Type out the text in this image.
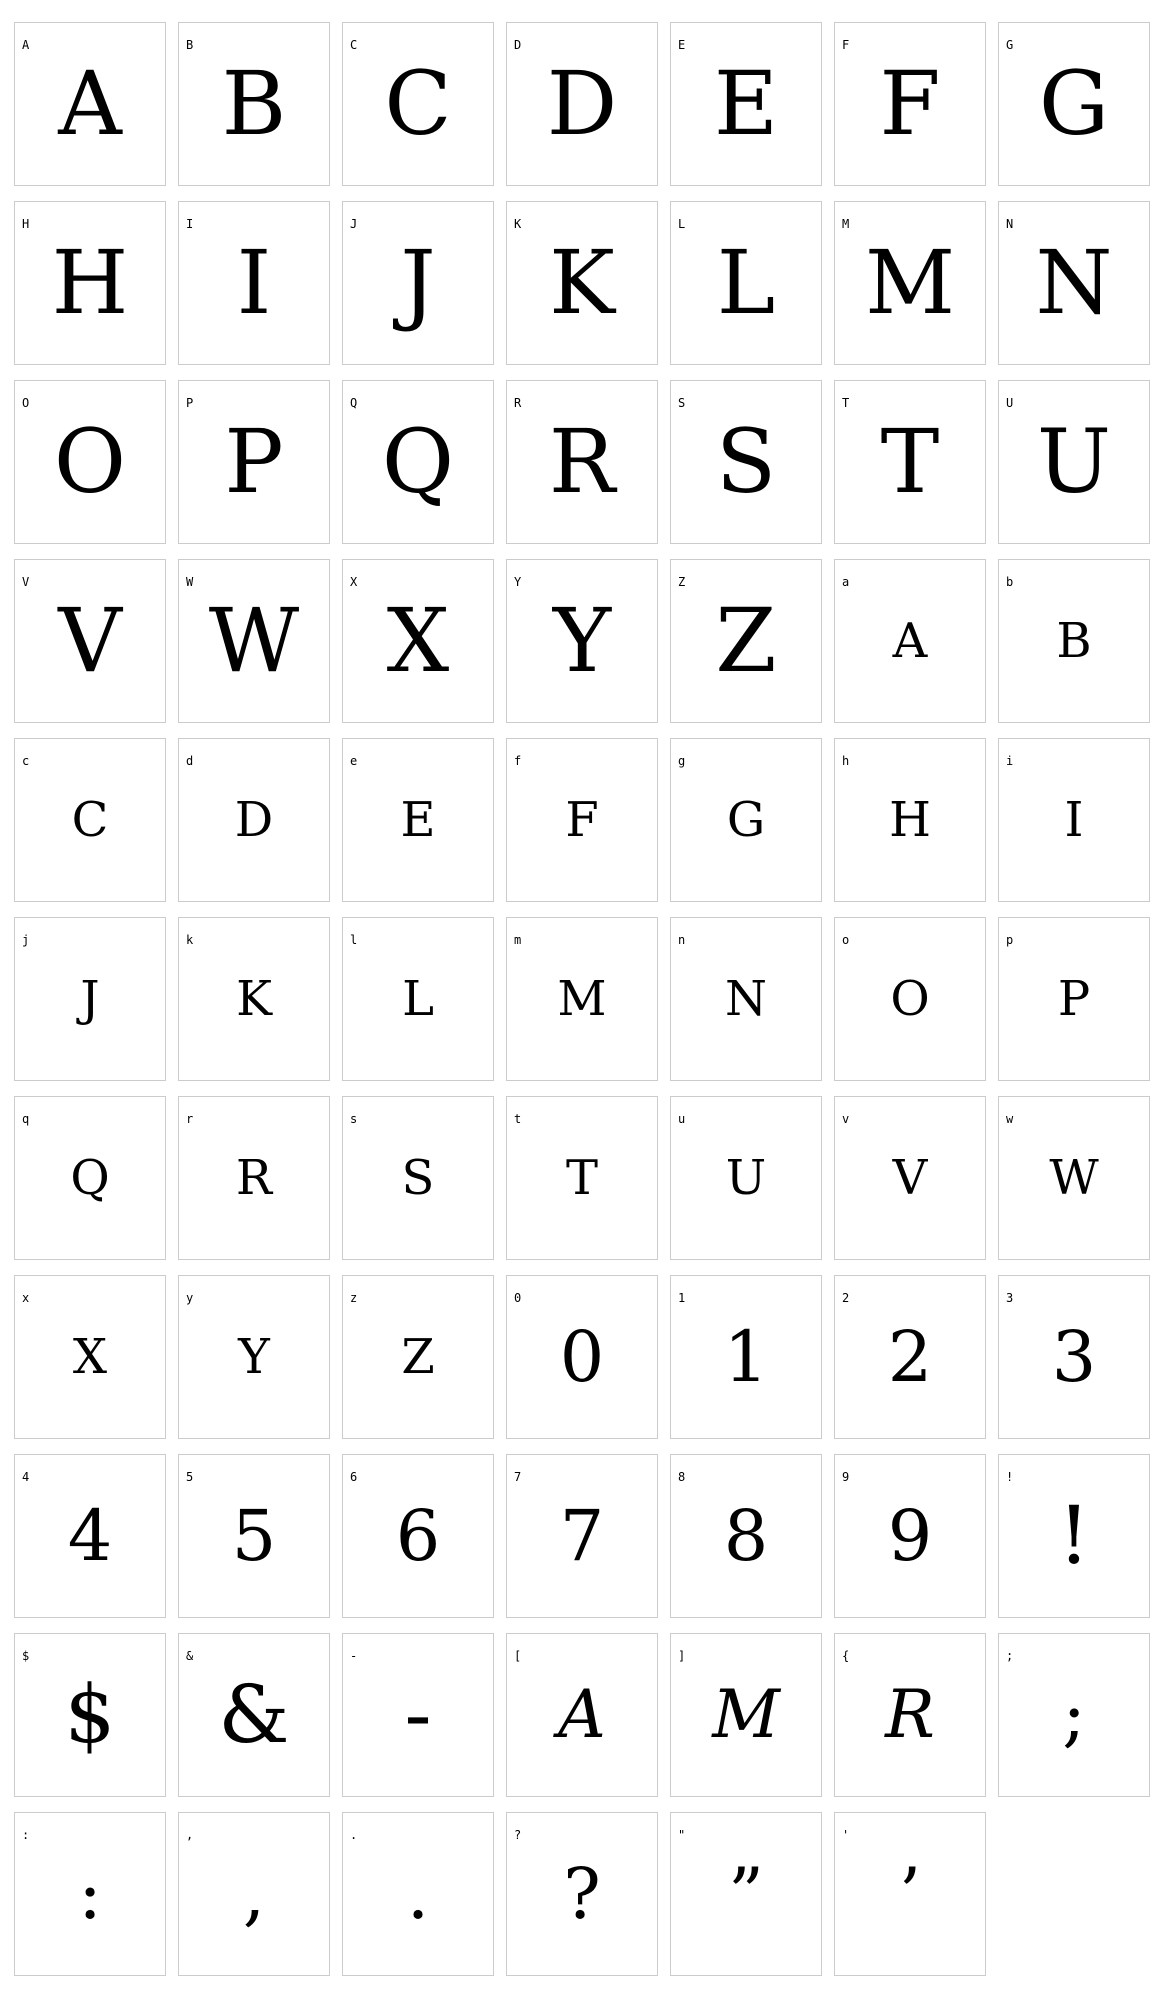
A
A
B
B
C
C
D
D
E
E
F
F
G
G
H
H
I
I
J
J
K
K
L
L
M
M
N
N
O
O
P
P
Q
Q
R
R
S
S
T
T
U
U
V
V
W
W
X
X
Y
Y
Z
Z
a
A
b
B
c
C
d
D
e
E
f
F
g
G
h
H
i
I
j
J
k
K
l
L
m
M
n
N
o
O
p
P
q
Q
r
R
s
S
t
T
u
U
v
V
w
W
x
X
y
Y
z
Z
0
0
1
1
2
2
3
3
4
4
5
5
6
6
7
7
8
8
9
9
!
!
$
$
&
&
-
-
[
A
]
M
{
R
;
;
:
:
,
,
.
.
?
?
"
”
'
’
